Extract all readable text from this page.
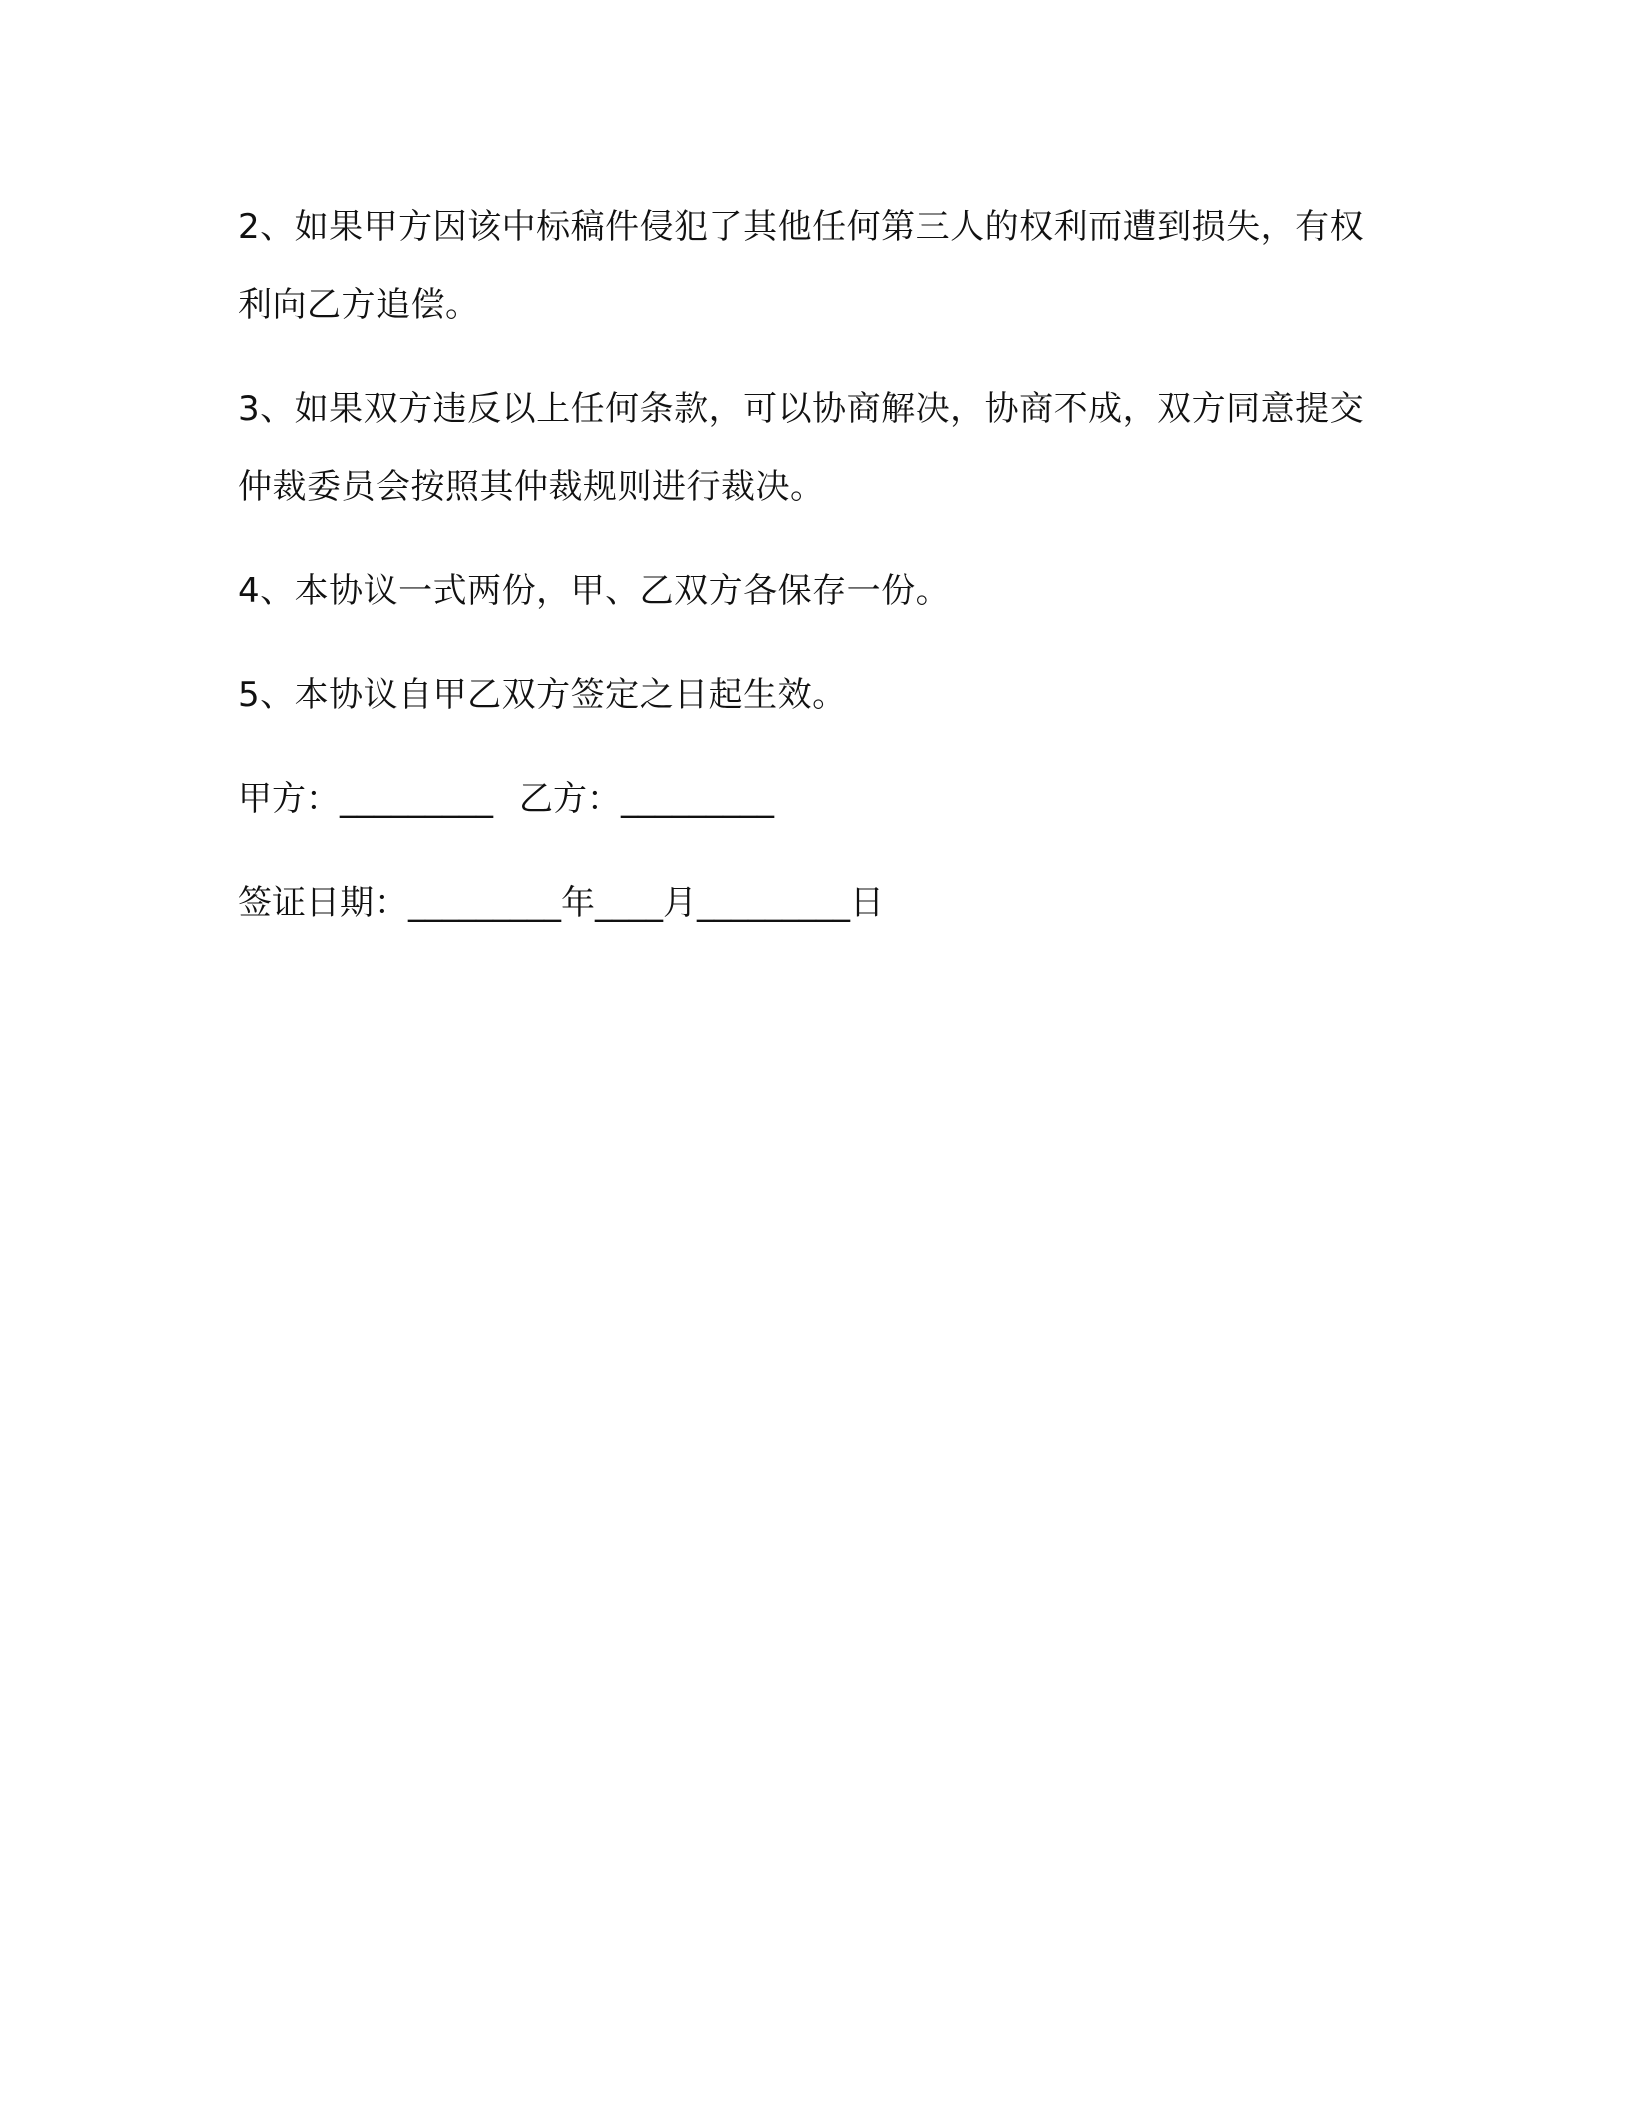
2、如果甲方因该中标稿件侵犯了其他任何第三人的权利而遭到损失，有权利向乙方追偿。

3、如果双方违反以上任何条款，可以协商解决，协商不成，双方同意提交仲裁委员会按照其仲裁规则进行裁决。

4、本协议一式两份，甲、乙双方各保存一份。

5、本协议自甲乙双方签定之日起生效。

甲方：_________ 乙方：_________
签证日期：_________年____月_________日
